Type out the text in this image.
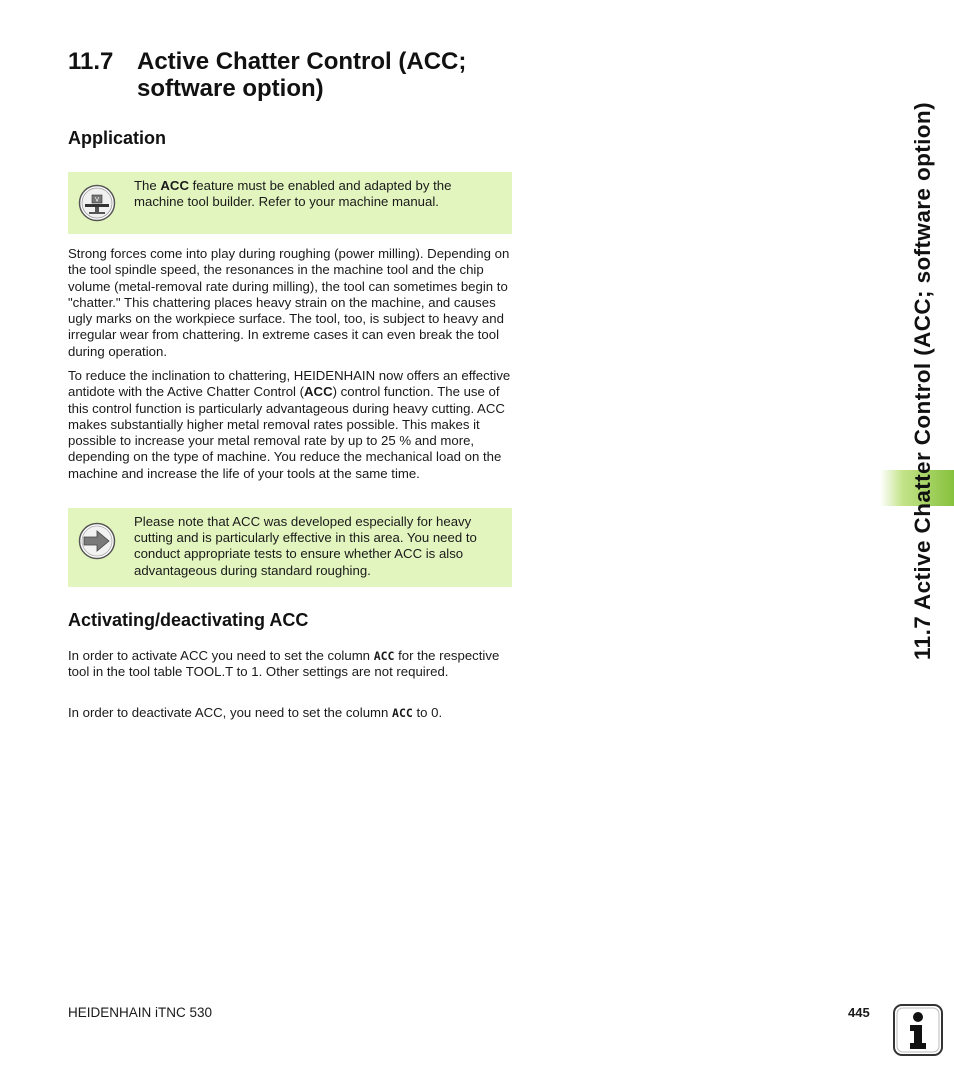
11.7 Active Chatter Control (ACC;
software option)
Application
V
The ACC feature must be enabled and adapted by the machine tool builder. Refer to your machine manual.

Strong forces come into play during roughing (power milling). Depending on the tool spindle speed, the resonances in the machine tool and the chip volume (metal-removal rate during milling), the tool can sometimes begin to "chatter." This chattering places heavy strain on the machine, and causes ugly marks on the workpiece surface. The tool, too, is subject to heavy and irregular wear from chattering. In extreme cases it can even break the tool during operation.

To reduce the inclination to chattering, HEIDENHAIN now offers an effective antidote with the Active Chatter Control (ACC) control function. The use of this control function is particularly advantageous during heavy cutting. ACC makes substantially higher metal removal rates possible. This makes it possible to increase your metal removal rate by up to 25 % and more, depending on the type of machine. You reduce the mechanical load on the machine and increase the life of your tools at the same time.

Please note that ACC was developed especially for heavy cutting and is particularly effective in this area. You need to conduct appropriate tests to ensure whether ACC is also advantageous during standard roughing.
Activating/deactivating ACC

In order to activate ACC you need to set the column ACC for the respective tool in the tool table TOOL.T to 1. Other settings are not required.

In order to deactivate ACC, you need to set the column ACC to 0.

11.7 Active Chatter Control (ACC; software option)
HEIDENHAIN iTNC 530	445
